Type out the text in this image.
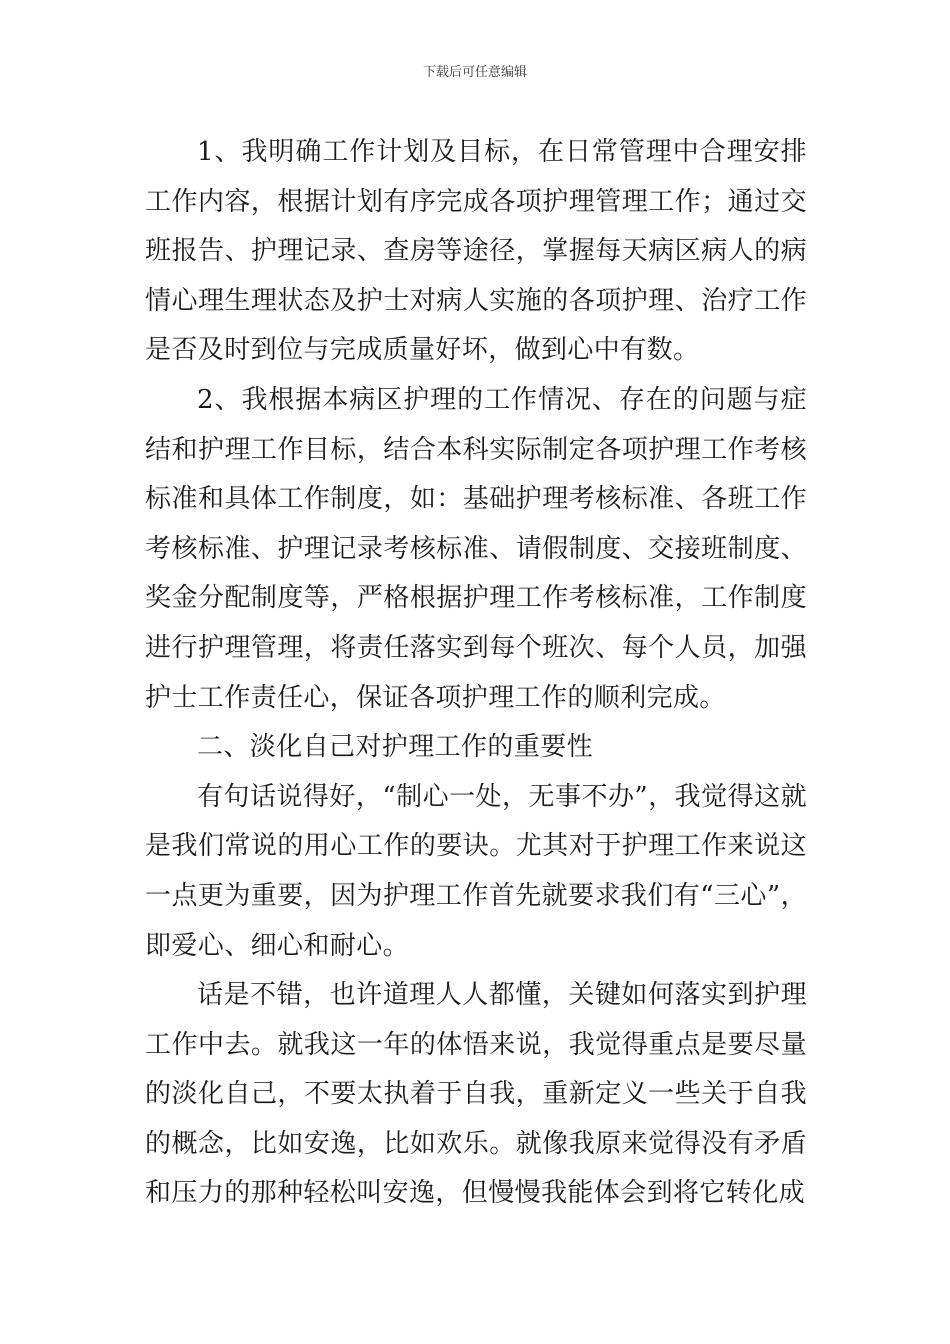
下载后可任意编辑

1、我明确工作计划及目标，在日常管理中合理安排工作内容，根据计划有序完成各项护理管理工作；通过交 班报告、护理记录、查房等途径，掌握每天病区病人的病情心理生理状态及护士对病人实施的各项护理、治疗工作是否及时到位与完成质量好坏，做到心中有数。

2、我根据本病区护理的工作情况、存在的问题与症结和护理工作目标，结合本科实际制定各项护理工作考核标准和具体工作制度，如：基础护理考核标准、各班工作考核标准、护理记录考核标准、请假制度、交接班制度、奖金分配制度等，严格根据护理工作考核标准，工作制度进行护理管理，将责任落实到每个班次、每个人员，加强护士工作责任心，保证各项护理工作的顺利完成。

二、淡化自己对护理工作的重要性

有句话说得好，“制心一处，无事不办”，我觉得这就是我们常说的用心工作的要诀。尤其对于护理工作来说这一点更为重要，因为护理工作首先就要求我们有“三心”，即爱心、细心和耐心。

话是不错，也许道理人人都懂，关键如何落实到护理工作中去。就我这一年的体悟来说，我觉得重点是要尽量的淡化自己，不要太执着于自我，重新定义一些关于自我的概念，比如安逸，比如欢乐。就像我原来觉得没有矛盾和压力的那种轻松叫安逸，但慢慢我能体会到将它转化成
